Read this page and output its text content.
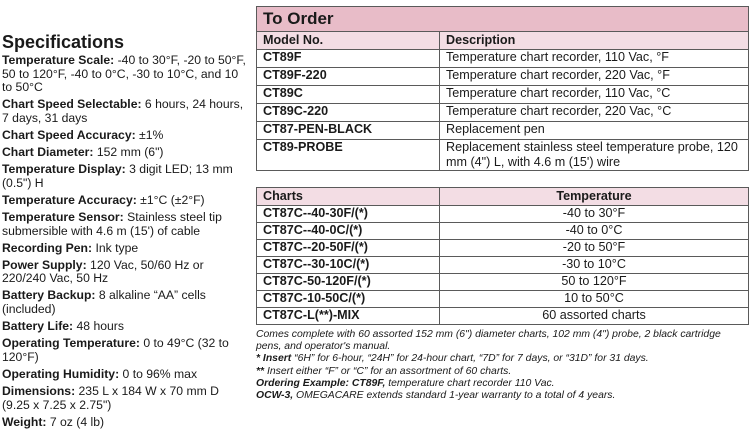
Specifications
Temperature Scale: -40 to 30°F, -20 to 50°F, 50 to 120°F, -40 to 0°C, -30 to 10°C, and 10 to 50°C
Chart Speed Selectable: 6 hours, 24 hours, 7 days, 31 days
Chart Speed Accuracy: ±1%
Chart Diameter: 152 mm (6")
Temperature Display: 3 digit LED; 13 mm (0.5") H
Temperature Accuracy: ±1°C (±2°F)
Temperature Sensor: Stainless steel tip submersible with 4.6 m (15') of cable
Recording Pen: Ink type
Power Supply: 120 Vac, 50/60 Hz or 220/240 Vac, 50 Hz
Battery Backup: 8 alkaline “AA” cells (included)
Battery Life: 48 hours
Operating Temperature: 0 to 49°C (32 to 120°F)
Operating Humidity: 0 to 96% max
Dimensions: 235 L x 184 W x 70 mm D (9.25 x 7.25 x 2.75")
Weight: 7 oz (4 lb)
To Order	
Model No.	Description
CT89F	Temperature chart recorder, 110 Vac, °F
CT89F-220	Temperature chart recorder, 220 Vac, °F
CT89C	Temperature chart recorder, 110 Vac, °C
CT89C-220	Temperature chart recorder, 220 Vac, °C
CT87-PEN-BLACK	Replacement pen
CT89-PROBE	Replacement stainless steel temperature probe, 120 mm (4") L, with 4.6 m (15') wire
Charts	Temperature
CT87C--40-30F/(*)	-40 to 30°F
CT87C--40-0C/(*)	-40 to 0°C
CT87C--20-50F/(*)	-20 to 50°F
CT87C--30-10C/(*)	-30 to 10°C
CT87C-50-120F/(*)	50 to 120°F
CT87C-10-50C/(*)	10 to 50°C
CT87C-L(**)-MIX	60 assorted charts

Comes complete with 60 assorted 152 mm (6") diameter charts, 102 mm (4") probe, 2 black cartridge pens, and operator's manual.

* Insert “6H” for 6-hour, “24H” for 24-hour chart, “7D” for 7 days, or “31D” for 31 days.

** Insert either “F” or “C” for an assortment of 60 charts.

Ordering Example: CT89F, temperature chart recorder 110 Vac.

OCW-3, OMEGACARE extends standard 1-year warranty to a total of 4 years.
